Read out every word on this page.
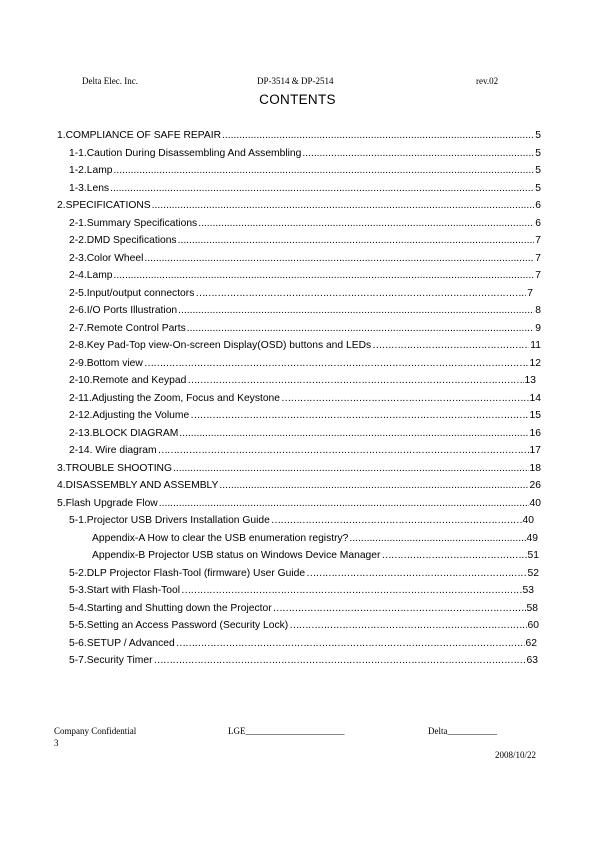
Delta Elec. Inc.	DP-3514 & DP-2514	rev.02
CONTENTS
1.COMPLIANCE OF SAFE REPAIR .....	5
1-1.Caution During Disassembling And Assembling .....	5
1-2.Lamp .....	5
1-3.Lens .....	5
2.SPECIFICATIONS .....	6
2-1.Summary Specifications .....	6
2-2.DMD Specifications .....	7
2-3.Color Wheel .....	7
2-4.Lamp .....	7
2-5.Input/output connectors …………………………………………………………………………………………………………………………………………………………………………………………………………………………………	7
2-6.I/O Ports Illustration .....	8
2-7.Remote Control Parts .....	9
2-8.Key Pad-Top view-On-screen Display(OSD) buttons and LEDs …………………………………………………………………………………………………………………………………………………………………………………………………………………………………	11
2-9.Bottom view …………………………………………………………………………………………………………………………………………………………………………………………………………………………………	12
2-10.Remote and Keypad …………………………………………………………………………………………………………………………………………………………………………………………………………………………………	13
2-11.Adjusting the Zoom, Focus and Keystone …………………………………………………………………………………………………………………………………………………………………………………………………………………………………	14
2-12.Adjusting the Volume …………………………………………………………………………………………………………………………………………………………………………………………………………………………………	15
2-13.BLOCK DIAGRAM .....	16
2-14. Wire diagram …………………………………………………………………………………………………………………………………………………………………………………………………………………………………	17
3.TROUBLE SHOOTING .....	18
4.DISASSEMBLY AND ASSEMBLY .....	26
5.Flash Upgrade Flow .....	40
5-1.Projector USB Drivers Installation Guide …………………………………………………………………………………………………………………………………………………………………………………………………………………………………	40
Appendix-A How to clear the USB enumeration registry? .....	49
Appendix-B Projector USB status on Windows Device Manager …………………………………………………………………………………………………………………………………………………………………………………………………………………………………	51
5-2.DLP Projector Flash-Tool (firmware) User Guide …………………………………………………………………………………………………………………………………………………………………………………………………………………………………	52
5-3.Start with Flash-Tool …………………………………………………………………………………………………………………………………………………………………………………………………………………………………	53
5-4.Starting and Shutting down the Projector …………………………………………………………………………………………………………………………………………………………………………………………………………………………………	58
5-5.Setting an Access Password (Security Lock) …………………………………………………………………………………………………………………………………………………………………………………………………………………………………	60
5-6.SETUP / Advanced …………………………………………………………………………………………………………………………………………………………………………………………………………………………………	62
5-7.Security Timer …………………………………………………………………………………………………………………………………………………………………………………………………………………………………	63
Company Confidential	LGE______________________	Delta___________
3
2008/10/22
